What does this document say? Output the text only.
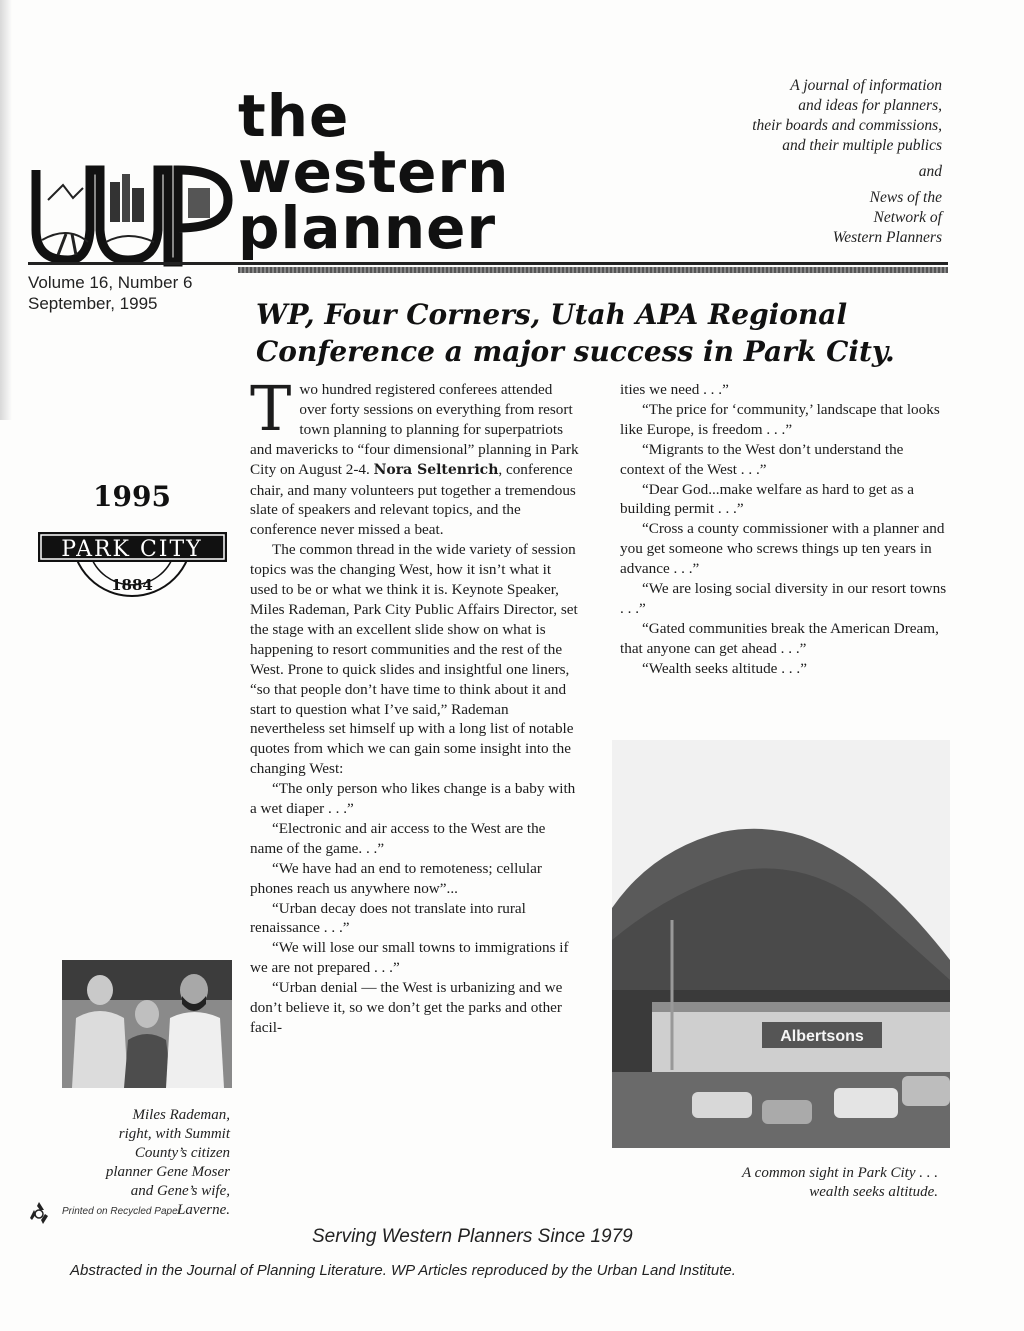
the
western
planner
A journal of information
and ideas for planners,
their boards and commissions,
and their multiple publics
and
News of the
Network of
Western Planners
Volume 16, Number 6
September, 1995	WP, Four Corners, Utah APA Regional
Conference a major success in Park City.
1995
PARK CITY
1884

Two hundred registered conferees attended over forty sessions on everything from resort town planning to planning for superpatriots and mavericks to “four dimensional” planning in Park City on August 2-4. Nora Seltenrich, conference chair, and many volunteers put together a tremendous slate of speakers and relevant topics, and the conference never missed a beat.

The common thread in the wide variety of session topics was the changing West, how it isn’t what it used to be or what we think it is. Keynote Speaker, Miles Rademan, Park City Public Affairs Director, set the stage with an excellent slide show on what is happening to resort communities and the rest of the West. Prone to quick slides and insightful one liners, “so that people don’t have time to think about it and start to question what I’ve said,” Rademan nevertheless set himself up with a long list of notable quotes from which we can gain some insight into the changing West:

“The only person who likes change is a baby with a wet diaper . . .”

“Electronic and air access to the West are the name of the game. . .”

“We have had an end to remoteness; cellular phones reach us anywhere now”...

“Urban decay does not translate into rural renaissance . . .”

“We will lose our small towns to immigrations if we are not prepared . . .”

“Urban denial — the West is urbanizing and we don’t believe it, so we don’t get the parks and other facil-

ities we need . . .”

“The price for ‘community,’ landscape that looks like Europe, is freedom . . .”

“Migrants to the West don’t understand the context of the West . . .”

“Dear God...make welfare as hard to get as a building permit . . .”

“Cross a county commissioner with a planner and you get someone who screws things up ten years in advance . . .”

“We are losing social diversity in our resort towns . . .”

“Gated communities break the American Dream, that anyone can get ahead . . .”

“Wealth seeks altitude . . .”

Miles Rademan,
right, with Summit
County’s citizen
planner Gene Moser
and Gene’s wife,
Laverne.
Printed on Recycled Paper
Albertsons
A common sight in Park City . . .
wealth seeks altitude.
Serving Western Planners Since 1979
Abstracted in the Journal of Planning Literature. WP Articles reproduced by the Urban Land Institute.
